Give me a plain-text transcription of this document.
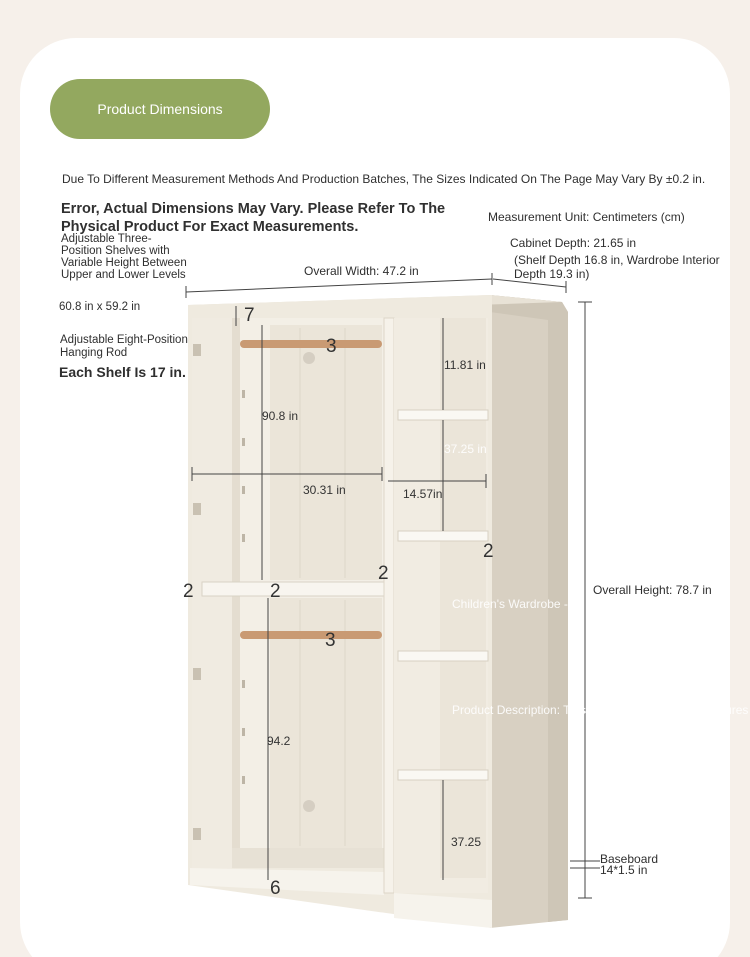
Product Dimensions
Due To Different Measurement Methods And Production Batches, The Sizes Indicated On The Page May Vary By ±0.2 in.
Error, Actual Dimensions May Vary. Please Refer To The Physical Product For Exact Measurements.
Measurement Unit: Centimeters (cm)
Adjustable Three-Position Shelves with Variable Height Between Upper and Lower Levels
60.8 in x 59.2 in
Adjustable Eight-Position Hanging Rod
Each Shelf Is 17 in.
Overall Width: 47.2 in
Cabinet Depth: 21.65 in
(Shelf Depth 16.8 in, Wardrobe Interior Depth 19.3 in)
Overall Height: 78.7 in
Baseboard
14*1.5 in
7
3
3
90.8 in
94.2
30.31 in	14.57in
11.81 in
37.25 in
37.25
2	2
2
2
6
Children's Wardrobe - 37.25 in
Product Description: This Children's Wardrobe Features
